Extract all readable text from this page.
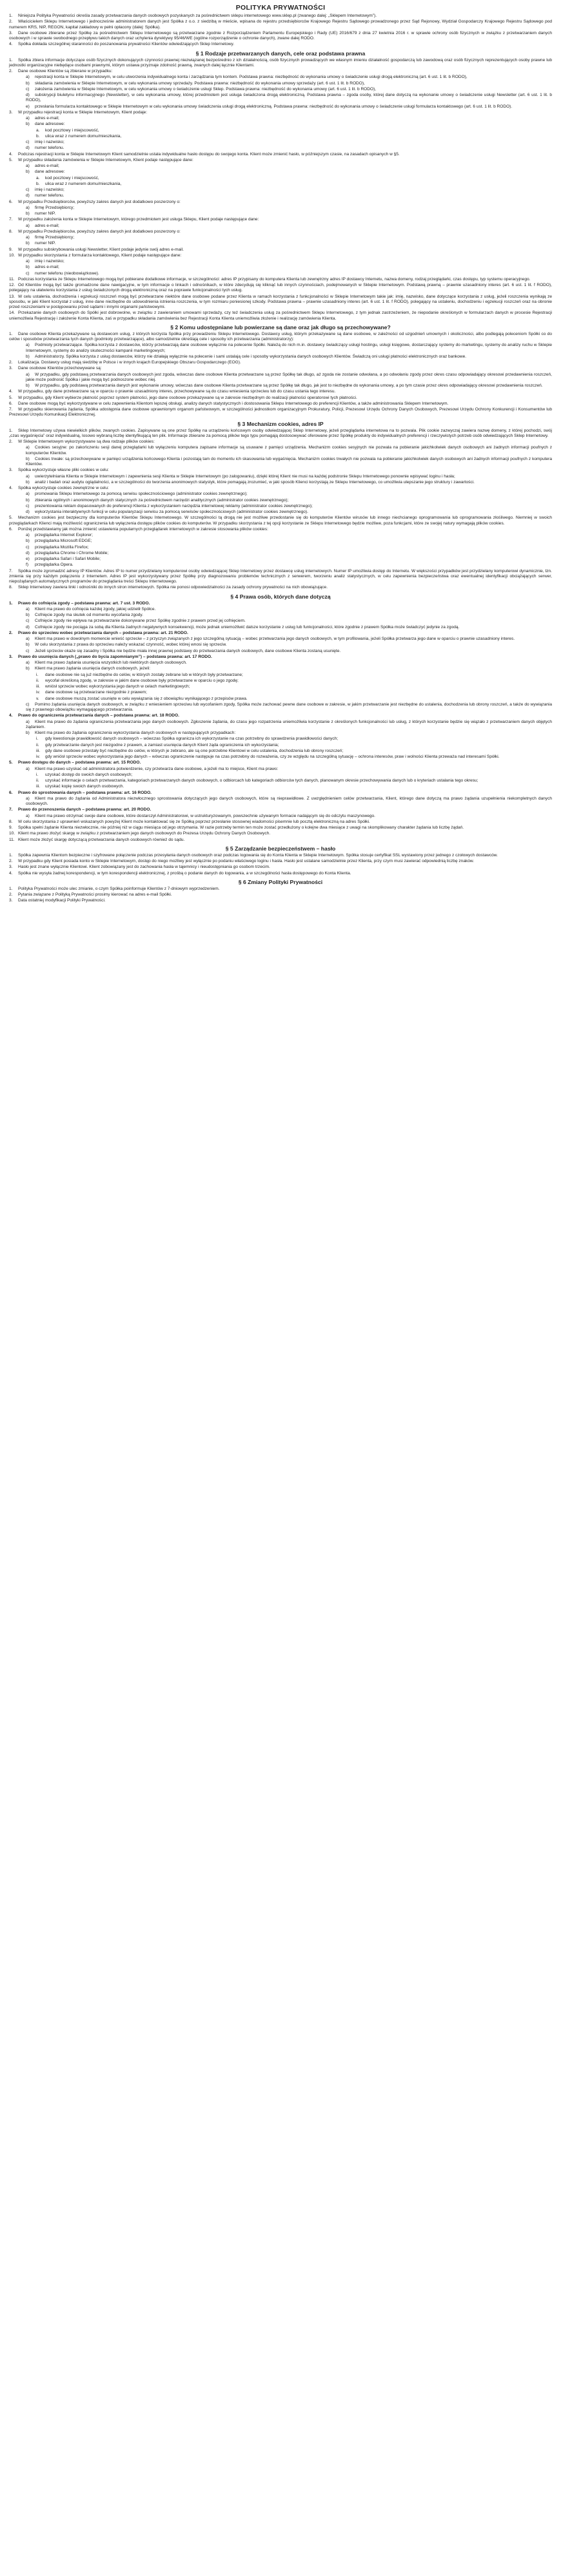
POLITYKA PRYWATNOŚCI
1. Niniejsza Polityka Prywatności określa zasady przetwarzania danych osobowych pozyskanych za pośrednictwem sklepu internetowego www.sklep.pl (zwanego dalej: „Sklepem Internetowym”).
2. Właścicielem Sklepu Internetowego i jednocześnie administratorem danych jest Spółka z o.o. z siedzibą w mieście, wpisana do rejestru przedsiębiorców Krajowego Rejestru Sądowego prowadzonego przez Sąd Rejonowy, Wydział Gospodarczy Krajowego Rejestru Sądowego pod numerem KRS, NIP, REGON, kapitał zakładowy w pełni opłacony (dalej: Spółka).
3. Dane osobowe zbierane przez Spółkę za pośrednictwem Sklepu Internetowego są przetwarzane zgodnie z Rozporządzeniem Parlamentu Europejskiego i Rady (UE) 2016/679 z dnia 27 kwietnia 2016 r. w sprawie ochrony osób fizycznych w związku z przetwarzaniem danych osobowych i w sprawie swobodnego przepływu takich danych oraz uchylenia dyrektywy 95/46/WE (ogólne rozporządzenie o ochronie danych), zwane dalej RODO.
4. Spółka dokłada szczególnej staranności do poszanowania prywatności Klientów odwiedzających Sklep Internetowy.
§ 1 Rodzaje przetwarzanych danych, cele oraz podstawa prawna
1. Spółka zbiera informacje dotyczące osób fizycznych dokonujących czynności prawnej niezwiązanej bezpośrednio z ich działalnością, osób fizycznych prowadzących we własnym imieniu działalność gospodarczą lub zawodową oraz osób fizycznych reprezentujących osoby prawne lub jednostki organizacyjne niebędące osobami prawnymi, którym ustawa przyznaje zdolność prawną, zwanych dalej łącznie Klientami.
2. Dane osobowe Klientów są zbierane w przypadku:
a) rejestracji konta w Sklepie Internetowym, w celu utworzenia indywidualnego konta i zarządzania tym kontem. Podstawa prawna: niezbędność do wykonania umowy o świadczenie usługi drogą elektroniczną (art. 6 ust. 1 lit. b RODO),
b) składania zamówienia w Sklepie Internetowym, w celu wykonania umowy sprzedaży. Podstawa prawna: niezbędność do wykonania umowy sprzedaży (art. 6 ust. 1 lit. b RODO),
c) założenia zamówienia w Sklepie Internetowym, w celu wykonania umowy o świadczenie usługi Sklep. Podstawa prawna: niezbędność do wykonania umowy (art. 6 ust. 1 lit. b RODO),
d) subskrypcji biuletynu informacyjnego (Newsletter), w celu wykonania umowy, której przedmiotem jest usługa świadczona drogą elektroniczną. Podstawa prawna – zgoda osoby, której dane dotyczą na wykonanie umowy o świadczenie usługi Newsletter (art. 6 ust. 1 lit. b RODO),
e) przesłania formularza kontaktowego w Sklepie Internetowym w celu wykonania umowy świadczenia usługi drogą elektroniczną. Podstawa prawna: niezbędność do wykonania umowy o świadczenie usługi formularza kontaktowego (art. 6 ust. 1 lit. b RODO).
3. W przypadku rejestracji konta w Sklepie Internetowym, Klient podaje:
a) adres e-mail;
b) dane adresowe:
a. kod pocztowy i miejscowość,
b. ulica wraz z numerem domu/mieszkania,
c) imię i nazwisko;
d) numer telefonu.
4. Podczas rejestracji konta w Sklepie Internetowym Klient samodzielnie ustala indywidualne hasło dostępu do swojego konta. Klient może zmienić hasło, w późniejszym czasie, na zasadach opisanych w §5.
5. W przypadku składania zamówienia w Sklepie Internetowym, Klient podaje następujące dane:
a) adres e-mail;
b) dane adresowe:
a. kod pocztowy i miejscowość,
b. ulica wraz z numerem domu/mieszkania,
c) imię i nazwisko;
d) numer telefonu.
6. W przypadku Przedsiębiorców, powyższy zakres danych jest dodatkowo poszerzony o:
a) firmę Przedsiębiorcy;
b) numer NIP.
7. W przypadku założenia konta w Sklepie Internetowym, którego przedmiotem jest usługa Sklepu, Klient podaje następujące dane:
a) adres e-mail;
8. W przypadku Przedsiębiorców, powyższy zakres danych jest dodatkowo poszerzony o:
a) firmę Przedsiębiorcy;
b) numer NIP.
9. W przypadku subskrybowania usługi Newsletter, Klient podaje jedynie swój adres e-mail.
10. W przypadku skorzystania z formularza kontaktowego, Klient podaje następujące dane:
a) imię i nazwisko;
b) adres e-mail;
c) numer telefonu (nieobowiązkowe).
11. Podczas korzystania ze Sklepu Internetowego mogą być pobierane dodatkowe informacje, w szczególności: adres IP przypisany do komputera Klienta lub zewnętrzny adres IP dostawcy Internetu, nazwa domeny, rodzaj przeglądarki, czas dostępu, typ systemu operacyjnego.
12. Od Klientów mogą być także gromadzone dane nawigacyjne, w tym informacje o linkach i odnośnikach, w które zdecydują się kliknąć lub innych czynnościach, podejmowanych w Sklepie Internetowym. Podstawą prawną – prawnie uzasadniony interes (art. 6 ust. 1 lit. f RODO), polegający na ułatwieniu korzystania z usług świadczonych drogą elektroniczną oraz na poprawie funkcjonalności tych usług.
13. W celu ustalenia, dochodzenia i egzekucji roszczeń mogą być przetwarzane niektóre dane osobowe podane przez Klienta w ramach korzystania z funkcjonalności w Sklepie Internetowym takie jak: imię, nazwisko, dane dotyczące korzystania z usług, jeżeli roszczenia wynikają ze sposobu, w jaki Klient korzystał z usług, inne dane niezbędne do udowodnienia istnienia roszczenia, w tym rozmiaru poniesionej szkody. Podstawa prawna – prawnie uzasadniony interes (art. 6 ust. 1 lit. f RODO), polegający na ustaleniu, dochodzeniu i egzekucji roszczeń oraz na obronie przed roszczeniami w postępowaniu przed sądami i innymi organami państwowymi.
14. Przekazanie danych osobowych do Spółki jest dobrowolne, w związku z zawieraniem umowami sprzedaży, czy też świadczenia usług za pośrednictwem Sklepu Internetowego, z tym jednak zastrzeżeniem, że niepodanie określonych w formularzach danych w procesie Rejestracji uniemożliwia Rejestrację i założenie Konta Klienta, zaś w przypadku składania zamówienia bez Rejestracji Konta Klienta uniemożliwia złożenie i realizację zamówienia Klienta.
§ 2 Komu udostępniane lub powierzane są dane oraz jak długo są przechowywane?
1. Dane osobowe Klienta przekazywane są dostawcom usług, z których korzysta Spółka przy prowadzeniu Sklepu Internetowego. Dostawcy usług, którym przekazywane są dane osobowe, w zależności od uzgodnień umownych i okoliczności, albo podlegają poleceniom Spółki co do celów i sposobów przetwarzania tych danych (podmioty przetwarzające), albo samodzielnie określają cele i sposoby ich przetwarzania (administratorzy):
a) Podmioty przetwarzające. Spółka korzysta z dostawców, którzy przetwarzają dane osobowe wyłącznie na polecenie Spółki. Należą do nich m.in. dostawcy świadczący usługi hostingu, usługi księgowe, dostarczający systemy do marketingu, systemy do analizy ruchu w Sklepie Internetowym, systemy do analizy skuteczności kampanii marketingowych;
b) Administratorzy. Spółka korzysta z usług dostawców, którzy nie działają wyłącznie na polecenie i sami ustalają cele i sposoby wykorzystania danych osobowych Klientów. Świadczą oni usługi płatności elektronicznych oraz bankowe.
2. Lokalizacja. Dostawcy usług mają siedzibę w Polsce i w innych krajach Europejskiego Obszaru Gospodarczego (EOG).
3. Dane osobowe Klientów przechowywane są:
a) W przypadku, gdy podstawą przetwarzania danych osobowych jest zgoda, wówczas dane osobowe Klienta przetwarzane są przez Spółkę tak długo, aż zgoda nie zostanie odwołana, a po odwołaniu zgody przez okres czasu odpowiadający okresowi przedawnienia roszczeń, jakie może podnosić Spółka i jakie mogą być podnoszone wobec niej.
b) W przypadku, gdy podstawą przetwarzania danych jest wykonanie umowy, wówczas dane osobowe Klienta przetwarzane są przez Spółkę tak długo, jak jest to niezbędne do wykonania umowy, a po tym czasie przez okres odpowiadający okresowi przedawnienia roszczeń.
4. W przypadku, gdy dane przetwarzane są w oparciu o prawnie uzasadniony interes, przechowywane są do czasu wniesienia sprzeciwu lub do czasu ustania tego interesu.
5. W przypadku, gdy Klient wybierze płatność poprzez system płatności, jego dane osobowe przekazywane są w zakresie niezbędnym do realizacji płatności operatorowi tych płatności.
6. Dane osobowe mogą być wykorzystywane w celu zapewnienia Klientom lepszej obsługi, analizy danych statystycznych i dostosowania Sklepu Internetowego do preferencji Klientów, a także administrowania Sklepem Internetowym.
7. W przypadku skierowania żądania, Spółka udostępnia dane osobowe uprawnionym organom państwowym, w szczególności jednostkom organizacyjnym Prokuratury, Policji, Prezesowi Urzędu Ochrony Danych Osobowych, Prezesowi Urzędu Ochrony Konkurencji i Konsumentów lub Prezesowi Urzędu Komunikacji Elektronicznej.
§ 3 Mechanizm cookies, adres IP
1. Sklep Internetowy używa niewielkich plików, zwanych cookies. Zapisywane są one przez Spółkę na urządzeniu końcowym osoby odwiedzającej Sklep Internetowy, jeżeli przeglądarka internetowa na to pozwala. Plik cookie zazwyczaj zawiera nazwę domeny, z której pochodzi, swój „czas wygaśnięcia” oraz indywidualną, losowo wybraną liczbę identyfikującą ten plik. Informacje zbierane za pomocą plików tego typu pomagają dostosowywać oferowane przez Spółkę produkty do indywidualnych preferencji i rzeczywistych potrzeb osób odwiedzających Sklep Internetowy.
2. W Sklepie Internetowym wykorzystywane są dwa rodzaje plików cookies:
a) Cookies sesyjne: po zakończeniu sesji danej przeglądarki lub wyłączeniu komputera zapisane informacje są usuwane z pamięci urządzenia. Mechanizm cookies sesyjnych nie pozwala na pobieranie jakichkolwiek danych osobowych ani żadnych informacji poufnych z komputerów Klientów.
b) Cookies trwałe: są przechowywane w pamięci urządzenia końcowego Klienta i pozostają tam do momentu ich skasowania lub wygaśnięcia. Mechanizm cookies trwałych nie pozwala na pobieranie jakichkolwiek danych osobowych ani żadnych informacji poufnych z komputera Klientów.
3. Spółka wykorzystuje własne pliki cookies w celu:
a) uwierzytelniania Klienta w Sklepie Internetowym i zapewnienia sesji Klienta w Sklepie Internetowym (po zalogowaniu), dzięki której Klient nie musi na każdej podstronie Sklepu Internetowego ponownie wpisywać loginu i hasła;
b) analiz i badań oraz audytu oglądalności, a w szczególności do tworzenia anonimowych statystyk, które pomagają zrozumieć, w jaki sposób Klienci korzystają ze Sklepu Internetowego, co umożliwia ulepszanie jego struktury i zawartości.
4. Spółka wykorzystuje cookies zewnętrzne w celu:
a) promowania Sklepu Internetowego za pomocą serwisu społecznościowego (administrator cookies zewnętrznego);
b) zbierania ogólnych i anonimowych danych statycznych za pośrednictwem narzędzi analitycznych (administrator cookies zewnętrznego);
c) prezentowania reklam dopasowanych do preferencji Klienta z wykorzystaniem narzędzia internetowej reklamy (administrator cookies zewnętrznego);
d) wykorzystania interaktywnych funkcji w celu popularyzacji serwisu za pomocą serwisów społecznościowych (administrator cookies zewnętrznego).
5. Mechanizm cookies jest bezpieczny dla komputerów Klientów Sklepu Internetowego. W szczególności tą drogą nie jest możliwe przedostanie się do komputerów Klientów wirusów lub innego niechcianego oprogramowania lub oprogramowania złośliwego. Niemniej w swoich przeglądarkach Klienci mają możliwość ograniczenia lub wyłączenia dostępu plików cookies do komputerów. W przypadku skorzystania z tej opcji korzystanie ze Sklepu Internetowego będzie możliwe, poza funkcjami, które ze swojej natury wymagają plików cookies.
6. Poniżej przedstawiamy jak można zmienić ustawienia popularnych przeglądarek internetowych w zakresie stosowania plików cookies:
a) przeglądarka Internet Explorer;
b) przeglądarka Microsoft EDGE;
c) przeglądarka Mozilla Firefox;
d) przeglądarka Chrome i Chrome Mobile;
e) przeglądarka Safari i Safari Mobile;
f) przeglądarka Opera.
7. Spółka może zgromadzić adresy IP Klientów. Adres IP to numer przydzielany komputerowi osoby odwiedzającej Sklep Internetowy przez dostawcę usług internetowych. Numer IP umożliwia dostęp do Internetu. W większości przypadków jest przydzielany komputerowi dynamicznie, tzn. zmienia się przy każdym połączeniu z Internetem. Adres IP jest wykorzystywany przez Spółkę przy diagnozowaniu problemów technicznych z serwerem, tworzeniu analiz statystycznych, w celu zapewnienia bezpieczeństwa oraz ewentualnej identyfikacji obciążających serwer, niepożądanych automatycznych programów do przeglądania treści Sklepu Internetowego.
8. Sklep Internetowy zawiera linki i odnośniki do innych stron internetowych. Spółka nie ponosi odpowiedzialności za zasady ochrony prywatności na nich obowiązujące.
§ 4 Prawa osób, których dane dotyczą
1. Prawo do cofnięcia zgody – podstawa prawna: art. 7 ust. 3 RODO.
a) Klient ma prawo do cofnięcia każdej zgody, jakiej udzielił Spółce.
b) Cofnięcie zgody ma skutek od momentu wycofania zgody.
c) Cofnięcie zgody nie wpływa na przetwarzanie dokonywane przez Spółkę zgodnie z prawem przed jej cofnięciem.
d) Cofnięcie zgody nie pociąga za sobą dla Klienta żadnych negatywnych konsekwencji, może jednak uniemożliwić dalsze korzystanie z usług lub funkcjonalności, które zgodnie z prawem Spółka może świadczyć jedynie za zgodą.
2. Prawo do sprzeciwu wobec przetwarzania danych – podstawa prawna: art. 21 RODO.
a) Klient ma prawo w dowolnym momencie wnieść sprzeciw – z przyczyn związanych z jego szczególną sytuacją – wobec przetwarzania jego danych osobowych, w tym profilowania, jeżeli Spółka przetwarza jego dane w oparciu o prawnie uzasadniony interes.
b) W celu skorzystania z prawa do sprzeciwu należy wskazać czynność, wobec której wnosi się sprzeciw.
c) Jeżeli sprzeciw okaże się zasadny i Spółka nie będzie miała innej prawnej podstawy do przetwarzania danych osobowych, dane osobowe Klienta zostaną usunięte.
3. Prawo do usunięcia danych („prawo do bycia zapomnianym”) – podstawa prawna: art. 17 RODO.
a) Klient ma prawo żądania usunięcia wszystkich lub niektórych danych osobowych.
b) Klient ma prawo żądania usunięcia danych osobowych, jeżeli:
i. dane osobowe nie są już niezbędne do celów, w których zostały zebrane lub w których były przetwarzane;
ii. wycofał określoną zgodę, w zakresie w jakim dane osobowe były przetwarzane w oparciu o jego zgodę;
iii. wniósł sprzeciw wobec wykorzystania jego danych w celach marketingowych;
iv. dane osobowe są przetwarzane niezgodnie z prawem;
v. dane osobowe muszą zostać usunięte w celu wywiązania się z obowiązku wynikającego z przepisów prawa.
c) Pomimo żądania usunięcia danych osobowych, w związku z wniesieniem sprzeciwu lub wycofaniem zgody, Spółka może zachować pewne dane osobowe w zakresie, w jakim przetwarzanie jest niezbędne do ustalenia, dochodzenia lub obrony roszczeń, a także do wywiązania się z prawnego obowiązku wymagającego przetwarzania.
4. Prawo do ograniczenia przetwarzania danych – podstawa prawna: art. 18 RODO.
a) Klient ma prawo do żądania ograniczenia przetwarzania jego danych osobowych. Zgłoszenie żądania, do czasu jego rozpatrzenia uniemożliwia korzystanie z określonych funkcjonalności lub usług, z których korzystanie będzie się wiązało z przetwarzaniem danych objętych żądaniem.
b) Klient ma prawo do żądania ograniczenia wykorzystania danych osobowych w następujących przypadkach:
i. gdy kwestionuje prawidłowość danych osobowych – wówczas Spółka ogranicza ich wykorzystanie na czas potrzebny do sprawdzenia prawidłowości danych;
ii. gdy przetwarzanie danych jest niezgodne z prawem, a zamiast usunięcia danych Klient żąda ograniczenia ich wykorzystania;
iii. gdy dane osobowe przestały być niezbędne do celów, w których je zebrano, ale są one potrzebne Klientowi w celu ustalenia, dochodzenia lub obrony roszczeń;
iv. gdy wniósł sprzeciw wobec wykorzystania jego danych – wówczas ograniczenie następuje na czas potrzebny do rozważenia, czy ze względu na szczególną sytuację – ochrona interesów, praw i wolności Klienta przeważa nad interesami Spółki.
5. Prawo dostępu do danych – podstawa prawna: art. 15 RODO.
a) Klient ma prawo uzyskać od administratora potwierdzenie, czy przetwarza dane osobowe, a jeżeli ma to miejsce, Klient ma prawo:
i. uzyskać dostęp do swoich danych osobowych;
ii. uzyskać informacje o celach przetwarzania, kategoriach przetwarzanych danych osobowych, o odbiorcach lub kategoriach odbiorców tych danych, planowanym okresie przechowywania danych lub o kryteriach ustalania tego okresu;
iii. uzyskać kopię swoich danych osobowych.
6. Prawo do sprostowania danych – podstawa prawna: art. 16 RODO.
a) Klient ma prawo do żądania od Administratora niezwłocznego sprostowania dotyczących jego danych osobowych, które są nieprawidłowe. Z uwzględnieniem celów przetwarzania, Klient, którego dane dotyczą ma prawo żądania uzupełnienia niekompletnych danych osobowych.
7. Prawo do przenoszenia danych – podstawa prawna: art. 20 RODO.
a) Klient ma prawo otrzymać swoje dane osobowe, które dostarczył Administratorowi, w ustrukturyzowanym, powszechnie używanym formacie nadającym się do odczytu maszynowego.
8. W celu skorzystania z uprawnień wskazanych powyżej Klient może kontaktować się ze Spółką poprzez przesłanie stosownej wiadomości pisemnie lub pocztą elektroniczną na adres Spółki.
9. Spółka spełni żądanie Klienta niezwłocznie, nie później niż w ciągu miesiąca od jego otrzymania. W razie potrzeby termin ten może zostać przedłużony o kolejne dwa miesiące z uwagi na skomplikowany charakter żądania lub liczbę żądań.
10. Klient ma prawo złożyć skargę w związku z przetwarzaniem jego danych osobowych do Prezesa Urzędu Ochrony Danych Osobowych.
11. Klient może złożyć skargę dotyczącą przetwarzania danych osobowych również do sądu.
§ 5 Zarządzanie bezpieczeństwem – hasło
1. Spółka zapewnia Klientom bezpieczne i szyfrowane połączenie podczas przesyłania danych osobowych oraz podczas logowania się do Konta Klienta w Sklepie Internetowym. Spółka stosuje certyfikat SSL wystawiony przez jednego z czołowych dostawców.
2. W przypadku gdy Klient posiada konto w Sklepie Internetowym, dostęp do niego możliwy jest wyłącznie po podaniu właściwego loginu i hasła. Hasło jest ustalane samodzielnie przez Klienta, przy czym musi zawierać odpowiednią liczbę znaków.
3. Hasło jest znane wyłącznie Klientowi. Klient zobowiązany jest do zachowania hasła w tajemnicy i nieudostępniania go osobom trzecim.
4. Spółka nie wysyła żadnej korespondencji, w tym korespondencji elektronicznej, z prośbą o podanie danych do logowania, a w szczególności hasła dostępowego do Konta Klienta.
§ 6 Zmiany Polityki Prywatności
1. Polityka Prywatności może ulec zmianie, o czym Spółka poinformuje Klientów z 7-dniowym wyprzedzeniem.
2. Pytania związane z Polityką Prywatności prosimy kierować na adres e-mail Spółki.
3. Data ostatniej modyfikacji Polityki Prywatności.
